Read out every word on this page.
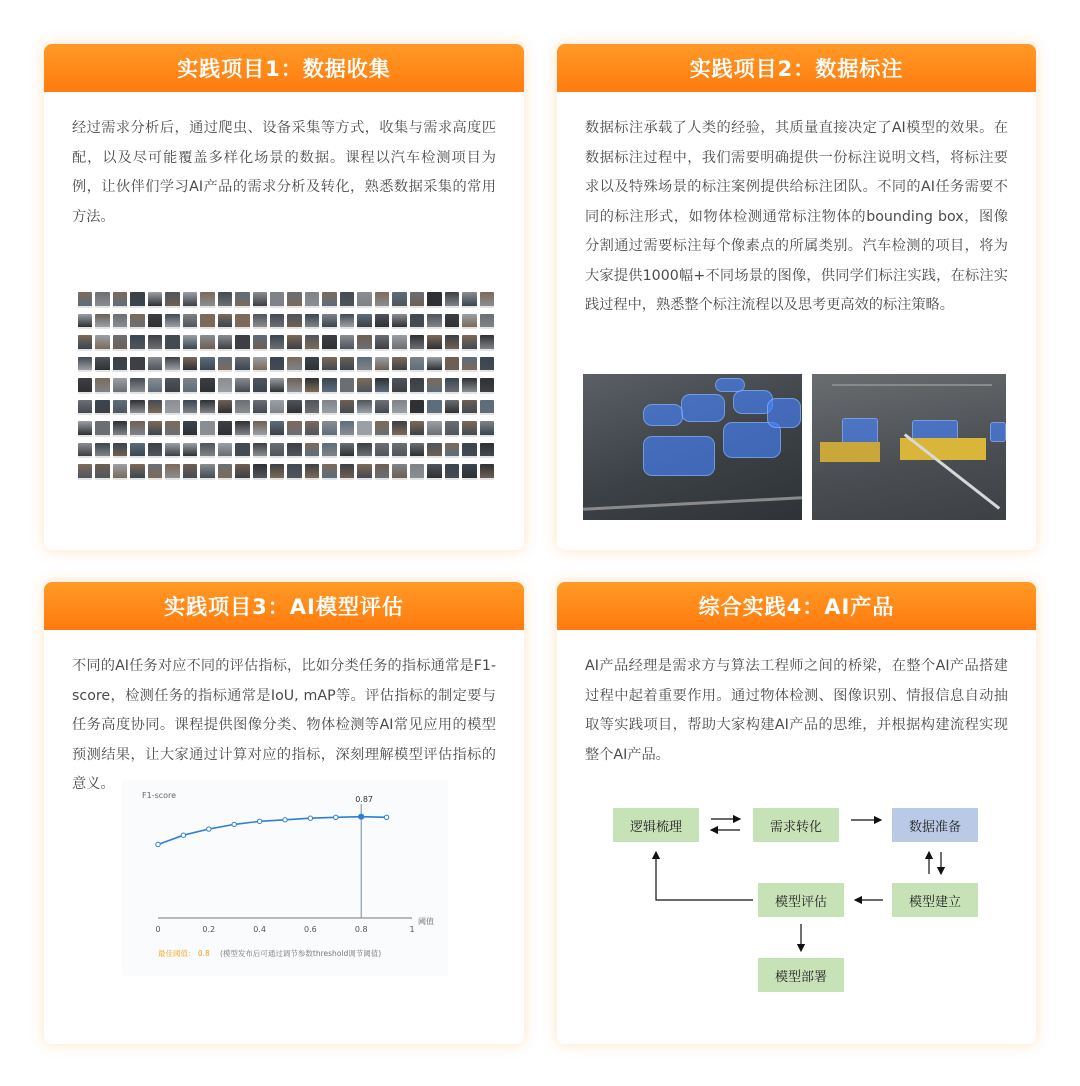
实践项目1：数据收集
经过需求分析后，通过爬虫、设备采集等方式，收集与需求高度匹配，以及尽可能覆盖多样化场景的数据。课程以汽车检测项目为例，让伙伴们学习AI产品的需求分析及转化，熟悉数据采集的常用方法。
实践项目2：数据标注
数据标注承载了人类的经验，其质量直接决定了AI模型的效果。在数据标注过程中，我们需要明确提供一份标注说明文档，将标注要求以及特殊场景的标注案例提供给标注团队。不同的AI任务需要不同的标注形式，如物体检测通常标注物体的bounding box，图像分割通过需要标注每个像素点的所属类别。汽车检测的项目，将为大家提供1000幅+不同场景的图像，供同学们标注实践，在标注实践过程中，熟悉整个标注流程以及思考更高效的标注策略。
实践项目3：AI模型评估
不同的AI任务对应不同的评估指标，比如分类任务的指标通常是F1-score，检测任务的指标通常是IoU, mAP等。评估指标的制定要与任务高度协同。课程提供图像分类、物体检测等AI常见应用的模型预测结果，让大家通过计算对应的指标，深刻理解模型评估指标的意义。
F1-score
阈值
0	0.2	0.4	0.6	0.8	1
0.87
最佳阈值： 0.8 (模型发布后可通过调节参数threshold调节阈值)
综合实践4：AI产品
AI产品经理是需求方与算法工程师之间的桥梁，在整个AI产品搭建过程中起着重要作用。通过物体检测、图像识别、情报信息自动抽取等实践项目，帮助大家构建AI产品的思维，并根据构建流程实现整个AI产品。
逻辑梳理	需求转化	数据准备
模型建立
模型评估
模型部署
